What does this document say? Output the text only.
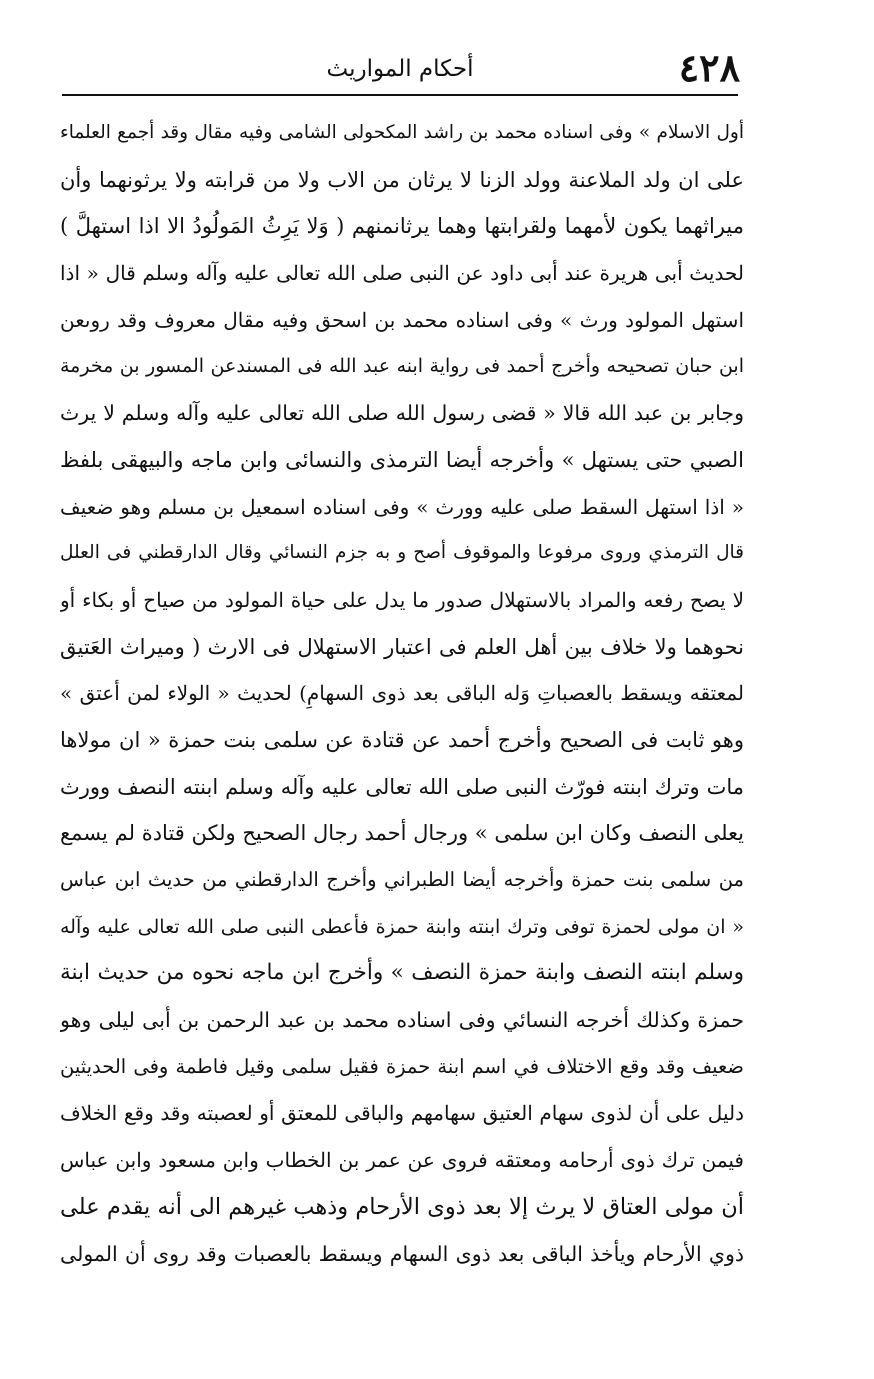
٤٢٨
أحكام المواريث
أول الاسلام » وفى اسناده محمد بن راشد المكحولى الشامى وفيه مقال وقد أجمع العلماء
على ان ولد الملاعنة وولد الزنا لا يرثان من الاب ولا من قرابته ولا يرثونهما وأن
ميراثهما يكون لأمهما ولقرابتها وهما يرثانمنهم ( وَلا يَرِثُ المَولُودُ الا اذا استهلَّ )
لحديث أبى هريرة عند أبى داود عن النبى صلى الله تعالى عليه وآله وسلم قال « اذا
استهل المولود ورث » وفى اسناده محمد بن اسحق وفيه مقال معروف وقد روىعن
ابن حبان تصحيحه وأخرج أحمد فى رواية ابنه عبد الله فى المسندعن المسور بن مخرمة
وجابر بن عبد الله قالا « قضى رسول الله صلى الله تعالى عليه وآله وسلم لا يرث
الصبي حتى يستهل » وأخرجه أيضا الترمذى والنسائى وابن ماجه والبيهقى بلفظ
« اذا استهل السقط صلى عليه وورث » وفى اسناده اسمعيل بن مسلم وهو ضعيف
قال الترمذي وروى مرفوعا والموقوف أصح و به جزم النسائي وقال الدارقطني فى العلل
لا يصح رفعه والمراد بالاستهلال صدور ما يدل على حياة المولود من صياح أو بكاء أو
نحوهما ولا خلاف بين أهل العلم فى اعتبار الاستهلال فى الارث ( وميراث العَتيق
لمعتقه ويسقط بالعصباتِ وَله الباقى بعد ذوى السهامِ) لحديث « الولاء لمن أعتق »
وهو ثابت فى الصحيح وأخرج أحمد عن قتادة عن سلمى بنت حمزة « ان مولاها
مات وترك ابنته فورّث النبى صلى الله تعالى عليه وآله وسلم ابنته النصف وورث
يعلى النصف وكان ابن سلمى » ورجال أحمد رجال الصحيح ولكن قتادة لم يسمع
من سلمى بنت حمزة وأخرجه أيضا الطبراني وأخرج الدارقطني من حديث ابن عباس
« ان مولى لحمزة توفى وترك ابنته وابنة حمزة فأعطى النبى صلى الله تعالى عليه وآله
وسلم ابنته النصف وابنة حمزة النصف » وأخرج ابن ماجه نحوه من حديث ابنة
حمزة وكذلك أخرجه النسائي وفى اسناده محمد بن عبد الرحمن بن أبى ليلى وهو
ضعيف وقد وقع الاختلاف في اسم ابنة حمزة فقيل سلمى وقيل فاطمة وفى الحديثين
دليل على أن لذوى سهام العتيق سهامهم والباقى للمعتق أو لعصبته وقد وقع الخلاف
فيمن ترك ذوى أرحامه ومعتقه فروى عن عمر بن الخطاب وابن مسعود وابن عباس
أن مولى العتاق لا يرث إلا بعد ذوى الأرحام وذهب غيرهم الى أنه يقدم على
ذوي الأرحام ويأخذ الباقى بعد ذوى السهام ويسقط بالعصبات وقد روى أن المولى
